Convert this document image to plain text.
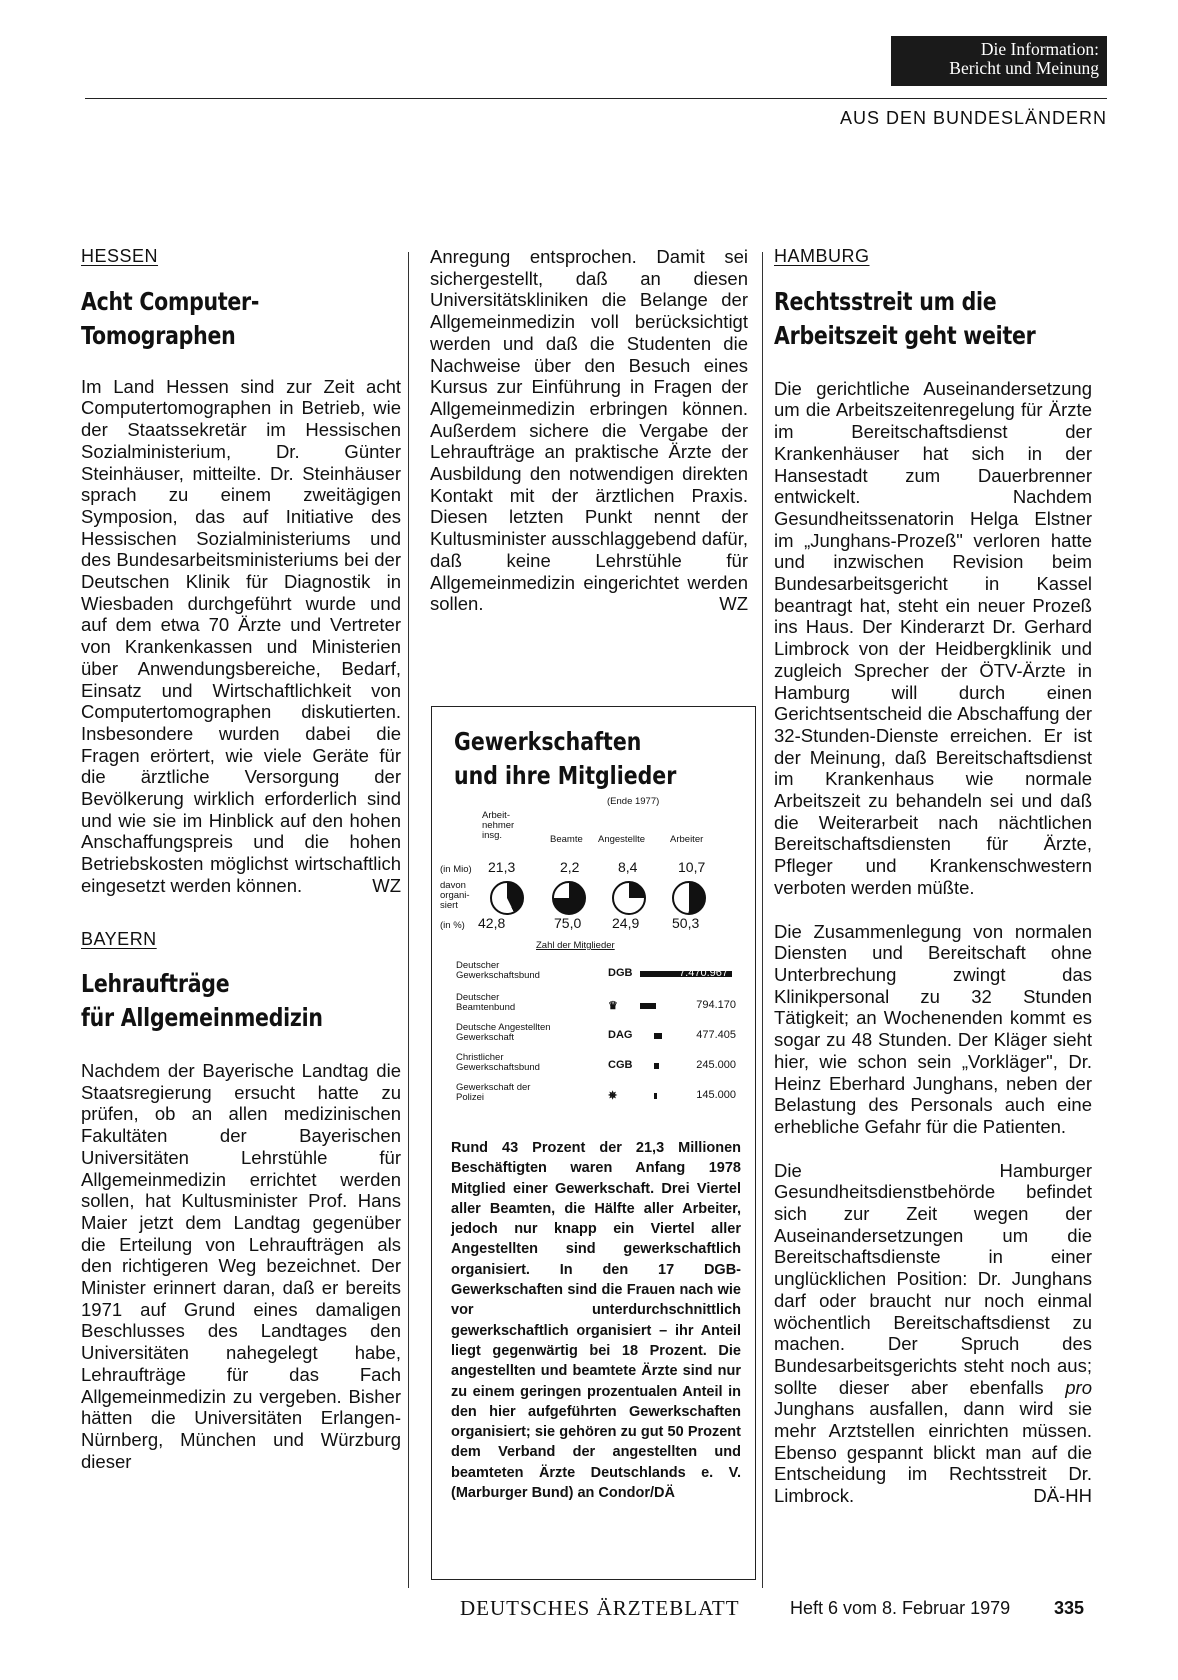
Die Information:
Bericht und Meinung
AUS DEN BUNDESLÄNDERN
HESSEN
Acht Computer-
Tomographen

Im Land Hessen sind zur Zeit acht Computertomographen in Betrieb, wie der Staatssekretär im Hessischen Sozialministerium, Dr. Günter Steinhäuser, mitteilte. Dr. Steinhäuser sprach zu einem zweitägigen Symposion, das auf Initiative des Hessischen Sozialministeriums und des Bundesarbeitsministeriums bei der Deutschen Klinik für Diagnostik in Wiesbaden durchgeführt wurde und auf dem etwa 70 Ärzte und Vertreter von Krankenkassen und Ministerien über Anwendungsbereiche, Bedarf, Einsatz und Wirtschaftlichkeit von Computertomographen diskutierten. Insbesondere wurden dabei die Fragen erörtert, wie viele Geräte für die ärztliche Versorgung der Bevölkerung wirklich erforderlich sind und wie sie im Hinblick auf den hohen Anschaffungspreis und die hohen Betriebskosten möglichst wirtschaftlich eingesetzt werden können.	WZ
BAYERN
Lehraufträge
für Allgemeinmedizin

Nachdem der Bayerische Landtag die Staatsregierung ersucht hatte zu prüfen, ob an allen medizinischen Fakultäten der Bayerischen Universitäten Lehrstühle für Allgemeinmedizin errichtet werden sollen, hat Kultusminister Prof. Hans Maier jetzt dem Landtag gegenüber die Erteilung von Lehraufträgen als den richtigeren Weg bezeichnet. Der Minister erinnert daran, daß er bereits 1971 auf Grund eines damaligen Beschlusses des Landtages den Universitäten nahegelegt habe, Lehraufträge für das Fach Allgemeinmedizin zu vergeben. Bisher hätten die Universitäten Erlangen-Nürnberg, München und Würzburg dieser

Anregung entsprochen. Damit sei sichergestellt, daß an diesen Universitätskliniken die Belange der Allgemeinmedizin voll berücksichtigt werden und daß die Studenten die Nachweise über den Besuch eines Kursus zur Einführung in Fragen der Allgemeinmedizin erbringen können. Außerdem sichere die Vergabe der Lehraufträge an praktische Ärzte der Ausbildung den notwendigen direkten Kontakt mit der ärztlichen Praxis. Diesen letzten Punkt nennt der Kultusminister ausschlaggebend dafür, daß keine Lehrstühle für Allgemeinmedizin eingerichtet werden sollen.	WZ
Gewerkschaften
und ihre Mitglieder
(Ende 1977)
Arbeit-
nehmer
insg.	Beamte Angestellte	Arbeiter
(in Mio) 21,3	2,2	8,4	10,7
davon
organi-
siert
(in %) 42,8	75,0 24,9 50,3
Zahl der Mitglieder
Deutscher
Gewerkschaftsbund	DGB	7.470.967
Deutscher
Beamtenbund	♛	794.170
Deutsche Angestellten
Gewerkschaft	DAG	477.405
Christlicher
Gewerkschaftsbund	CGB	245.000
Gewerkschaft der
Polizei	✵	145.000

Rund 43 Prozent der 21,3 Millionen Beschäftigten waren Anfang 1978 Mitglied einer Gewerkschaft. Drei Viertel aller Beamten, die Hälfte aller Arbeiter, jedoch nur knapp ein Viertel aller Angestellten sind gewerkschaftlich organisiert. In den 17 DGB-Gewerkschaften sind die Frauen nach wie vor unterdurchschnittlich gewerkschaftlich organisiert – ihr Anteil liegt gegenwärtig bei 18 Prozent. Die angestellten und beamtete Ärzte sind nur zu einem geringen prozentualen Anteil in den hier aufgeführten Gewerkschaften organisiert; sie gehören zu gut 50 Prozent dem Verband der angestellten und beamteten Ärzte Deutschlands e. V. (Marburger Bund) an Condor/DÄ

HAMBURG
Rechtsstreit um die
Arbeitszeit geht weiter

Die gerichtliche Auseinandersetzung um die Arbeitszeitenregelung für Ärzte im Bereitschaftsdienst der Krankenhäuser hat sich in der Hansestadt zum Dauerbrenner entwickelt. Nachdem Gesundheitssenatorin Helga Elstner im „Junghans-Prozeß" verloren hatte und inzwischen Revision beim Bundesarbeitsgericht in Kassel beantragt hat, steht ein neuer Prozeß ins Haus. Der Kinderarzt Dr. Gerhard Limbrock von der Heidbergklinik und zugleich Sprecher der ÖTV-Ärzte in Hamburg will durch einen Gerichtsentscheid die Abschaffung der 32-Stunden-Dienste erreichen. Er ist der Meinung, daß Bereitschaftsdienst im Krankenhaus wie normale Arbeitszeit zu behandeln sei und daß die Weiterarbeit nach nächtlichen Bereitschaftsdiensten für Ärzte, Pfleger und Krankenschwestern verboten werden müßte.

Die Zusammenlegung von normalen Diensten und Bereitschaft ohne Unterbrechung zwingt das Klinikpersonal zu 32 Stunden Tätigkeit; an Wochenenden kommt es sogar zu 48 Stunden. Der Kläger sieht hier, wie schon sein „Vorkläger", Dr. Heinz Eberhard Junghans, neben der Belastung des Personals auch eine erhebliche Gefahr für die Patienten.

Die Hamburger Gesundheitsdienstbehörde befindet sich zur Zeit wegen der Auseinandersetzungen um die Bereitschaftsdienste in einer unglücklichen Position: Dr. Junghans darf oder braucht nur noch einmal wöchentlich Bereitschaftsdienst zu machen. Der Spruch des Bundesarbeitsgerichts steht noch aus; sollte dieser aber ebenfalls pro Junghans ausfallen, dann wird sie mehr Arztstellen einrichten müssen. Ebenso gespannt blickt man auf die Entscheidung im Rechtsstreit Dr. Limbrock.	DÄ-HH
DEUTSCHES ÄRZTEBLATT	Heft 6 vom 8. Februar 1979 335
